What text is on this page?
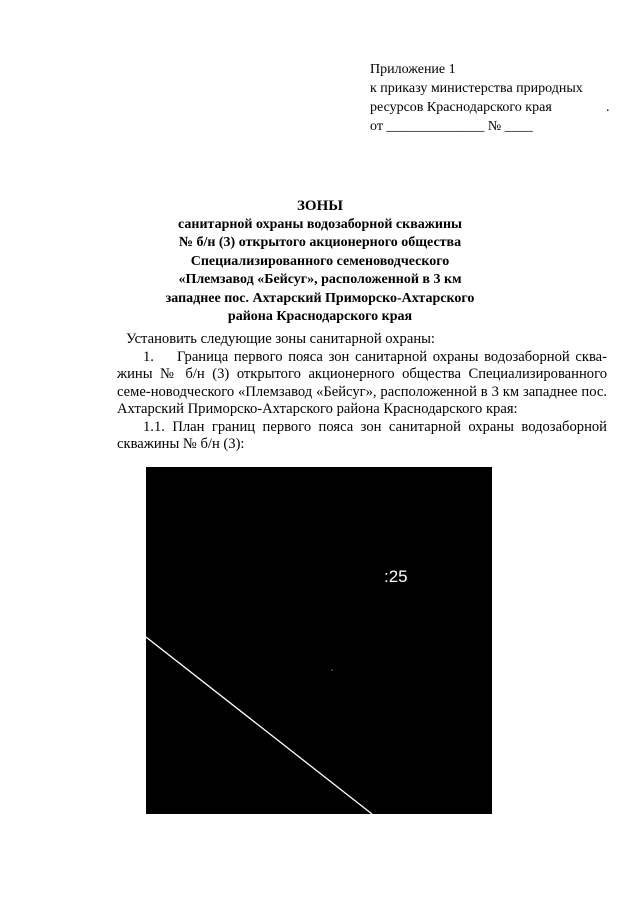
Приложение 1
к приказу министерства природных
ресурсов Краснодарского края
от ______________ № ____
.
ЗОНЫ
санитарной охраны водозаборной скважины
№ б/н (3) открытого акционерного общества
Специализированного семеноводческого
«Племзавод «Бейсуг», расположенной в 3 км
западнее пос. Ахтарский Приморско-Ахтарского
района Краснодарского края

Установить следующие зоны санитарной охраны:

1. Граница первого пояса зон санитарной охраны водозаборной сква-жины № б/н (3) открытого акционерного общества Специализированного семе-новодческого «Племзавод «Бейсуг», расположенной в 3 км западнее пос. Ахтарский Приморско-Ахтарского района Краснодарского края:

1.1. План границ первого пояса зон санитарной охраны водозаборной скважины № б/н (3):

:25
